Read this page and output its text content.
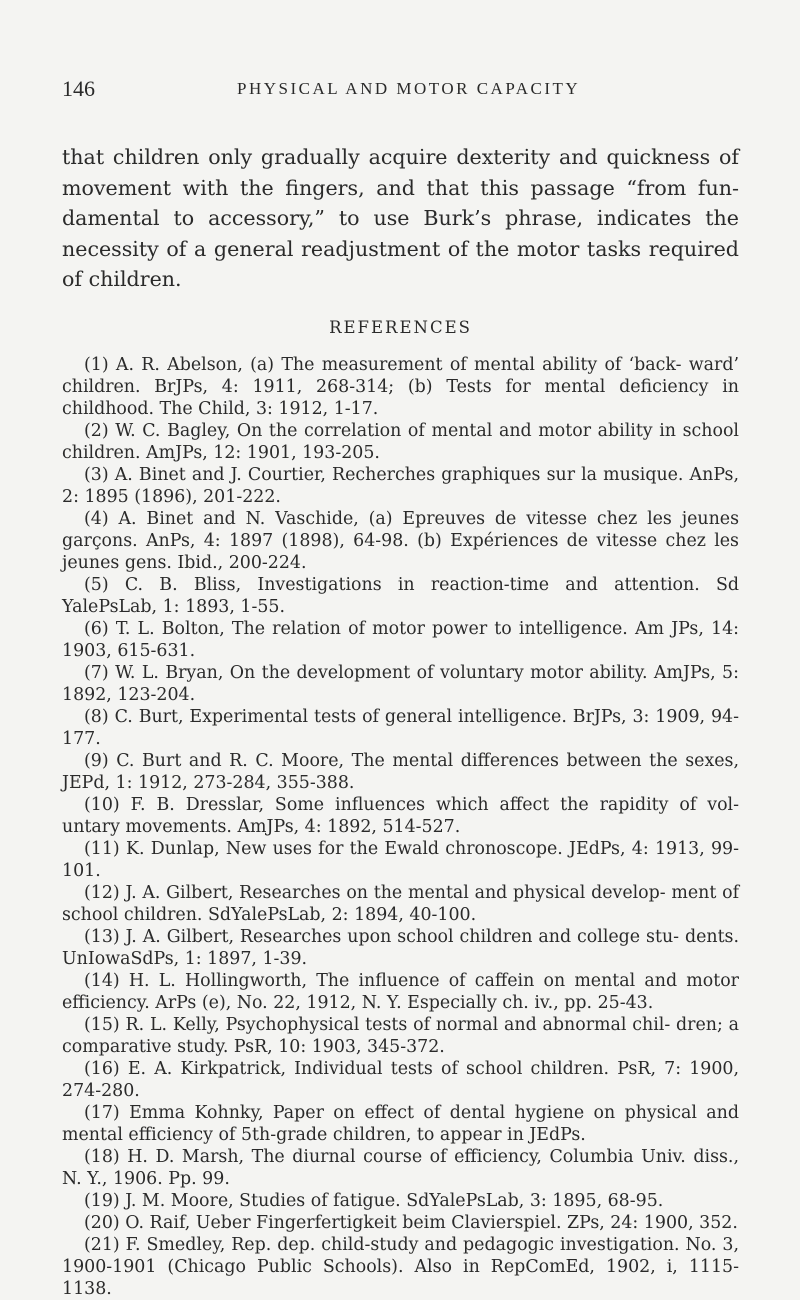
146	PHYSICAL AND MOTOR CAPACITY

that children only gradually acquire dexterity and quickness of movement with the fingers, and that this passage “from fun- damental to accessory,” to use Burk’s phrase, indicates the necessity of a general readjustment of the motor tasks required of children.

REFERENCES
(1) A. R. Abelson, (a) The measurement of mental ability of ‘back- ward’ children. BrJPs, 4: 1911, 268-314; (b) Tests for mental deficiency in childhood. The Child, 3: 1912, 1-17.
(2) W. C. Bagley, On the correlation of mental and motor ability in school children. AmJPs, 12: 1901, 193-205.
(3) A. Binet and J. Courtier, Recherches graphiques sur la musique. AnPs, 2: 1895 (1896), 201-222.
(4) A. Binet and N. Vaschide, (a) Epreuves de vitesse chez les jeunes garçons. AnPs, 4: 1897 (1898), 64-98. (b) Expériences de vitesse chez les jeunes gens. Ibid., 200-224.
(5) C. B. Bliss, Investigations in reaction-time and attention. Sd YalePsLab, 1: 1893, 1-55.
(6) T. L. Bolton, The relation of motor power to intelligence. Am JPs, 14: 1903, 615-631.
(7) W. L. Bryan, On the development of voluntary motor ability. AmJPs, 5: 1892, 123-204.
(8) C. Burt, Experimental tests of general intelligence. BrJPs, 3: 1909, 94-177.
(9) C. Burt and R. C. Moore, The mental differences between the sexes, JEPd, 1: 1912, 273-284, 355-388.
(10) F. B. Dresslar, Some influences which affect the rapidity of vol- untary movements. AmJPs, 4: 1892, 514-527.
(11) K. Dunlap, New uses for the Ewald chronoscope. JEdPs, 4: 1913, 99-101.
(12) J. A. Gilbert, Researches on the mental and physical develop- ment of school children. SdYalePsLab, 2: 1894, 40-100.
(13) J. A. Gilbert, Researches upon school children and college stu- dents. UnIowaSdPs, 1: 1897, 1-39.
(14) H. L. Hollingworth, The influence of caffein on mental and motor efficiency. ArPs (e), No. 22, 1912, N. Y. Especially ch. iv., pp. 25-43.
(15) R. L. Kelly, Psychophysical tests of normal and abnormal chil- dren; a comparative study. PsR, 10: 1903, 345-372.
(16) E. A. Kirkpatrick, Individual tests of school children. PsR, 7: 1900, 274-280.
(17) Emma Kohnky, Paper on effect of dental hygiene on physical and mental efficiency of 5th-grade children, to appear in JEdPs.
(18) H. D. Marsh, The diurnal course of efficiency, Columbia Univ. diss., N. Y., 1906. Pp. 99.
(19) J. M. Moore, Studies of fatigue. SdYalePsLab, 3: 1895, 68-95.
(20) O. Raif, Ueber Fingerfertigkeit beim Clavierspiel. ZPs, 24: 1900, 352.
(21) F. Smedley, Rep. dep. child-study and pedagogic investigation. No. 3, 1900-1901 (Chicago Public Schools). Also in RepComEd, 1902, i, 1115-1138.
